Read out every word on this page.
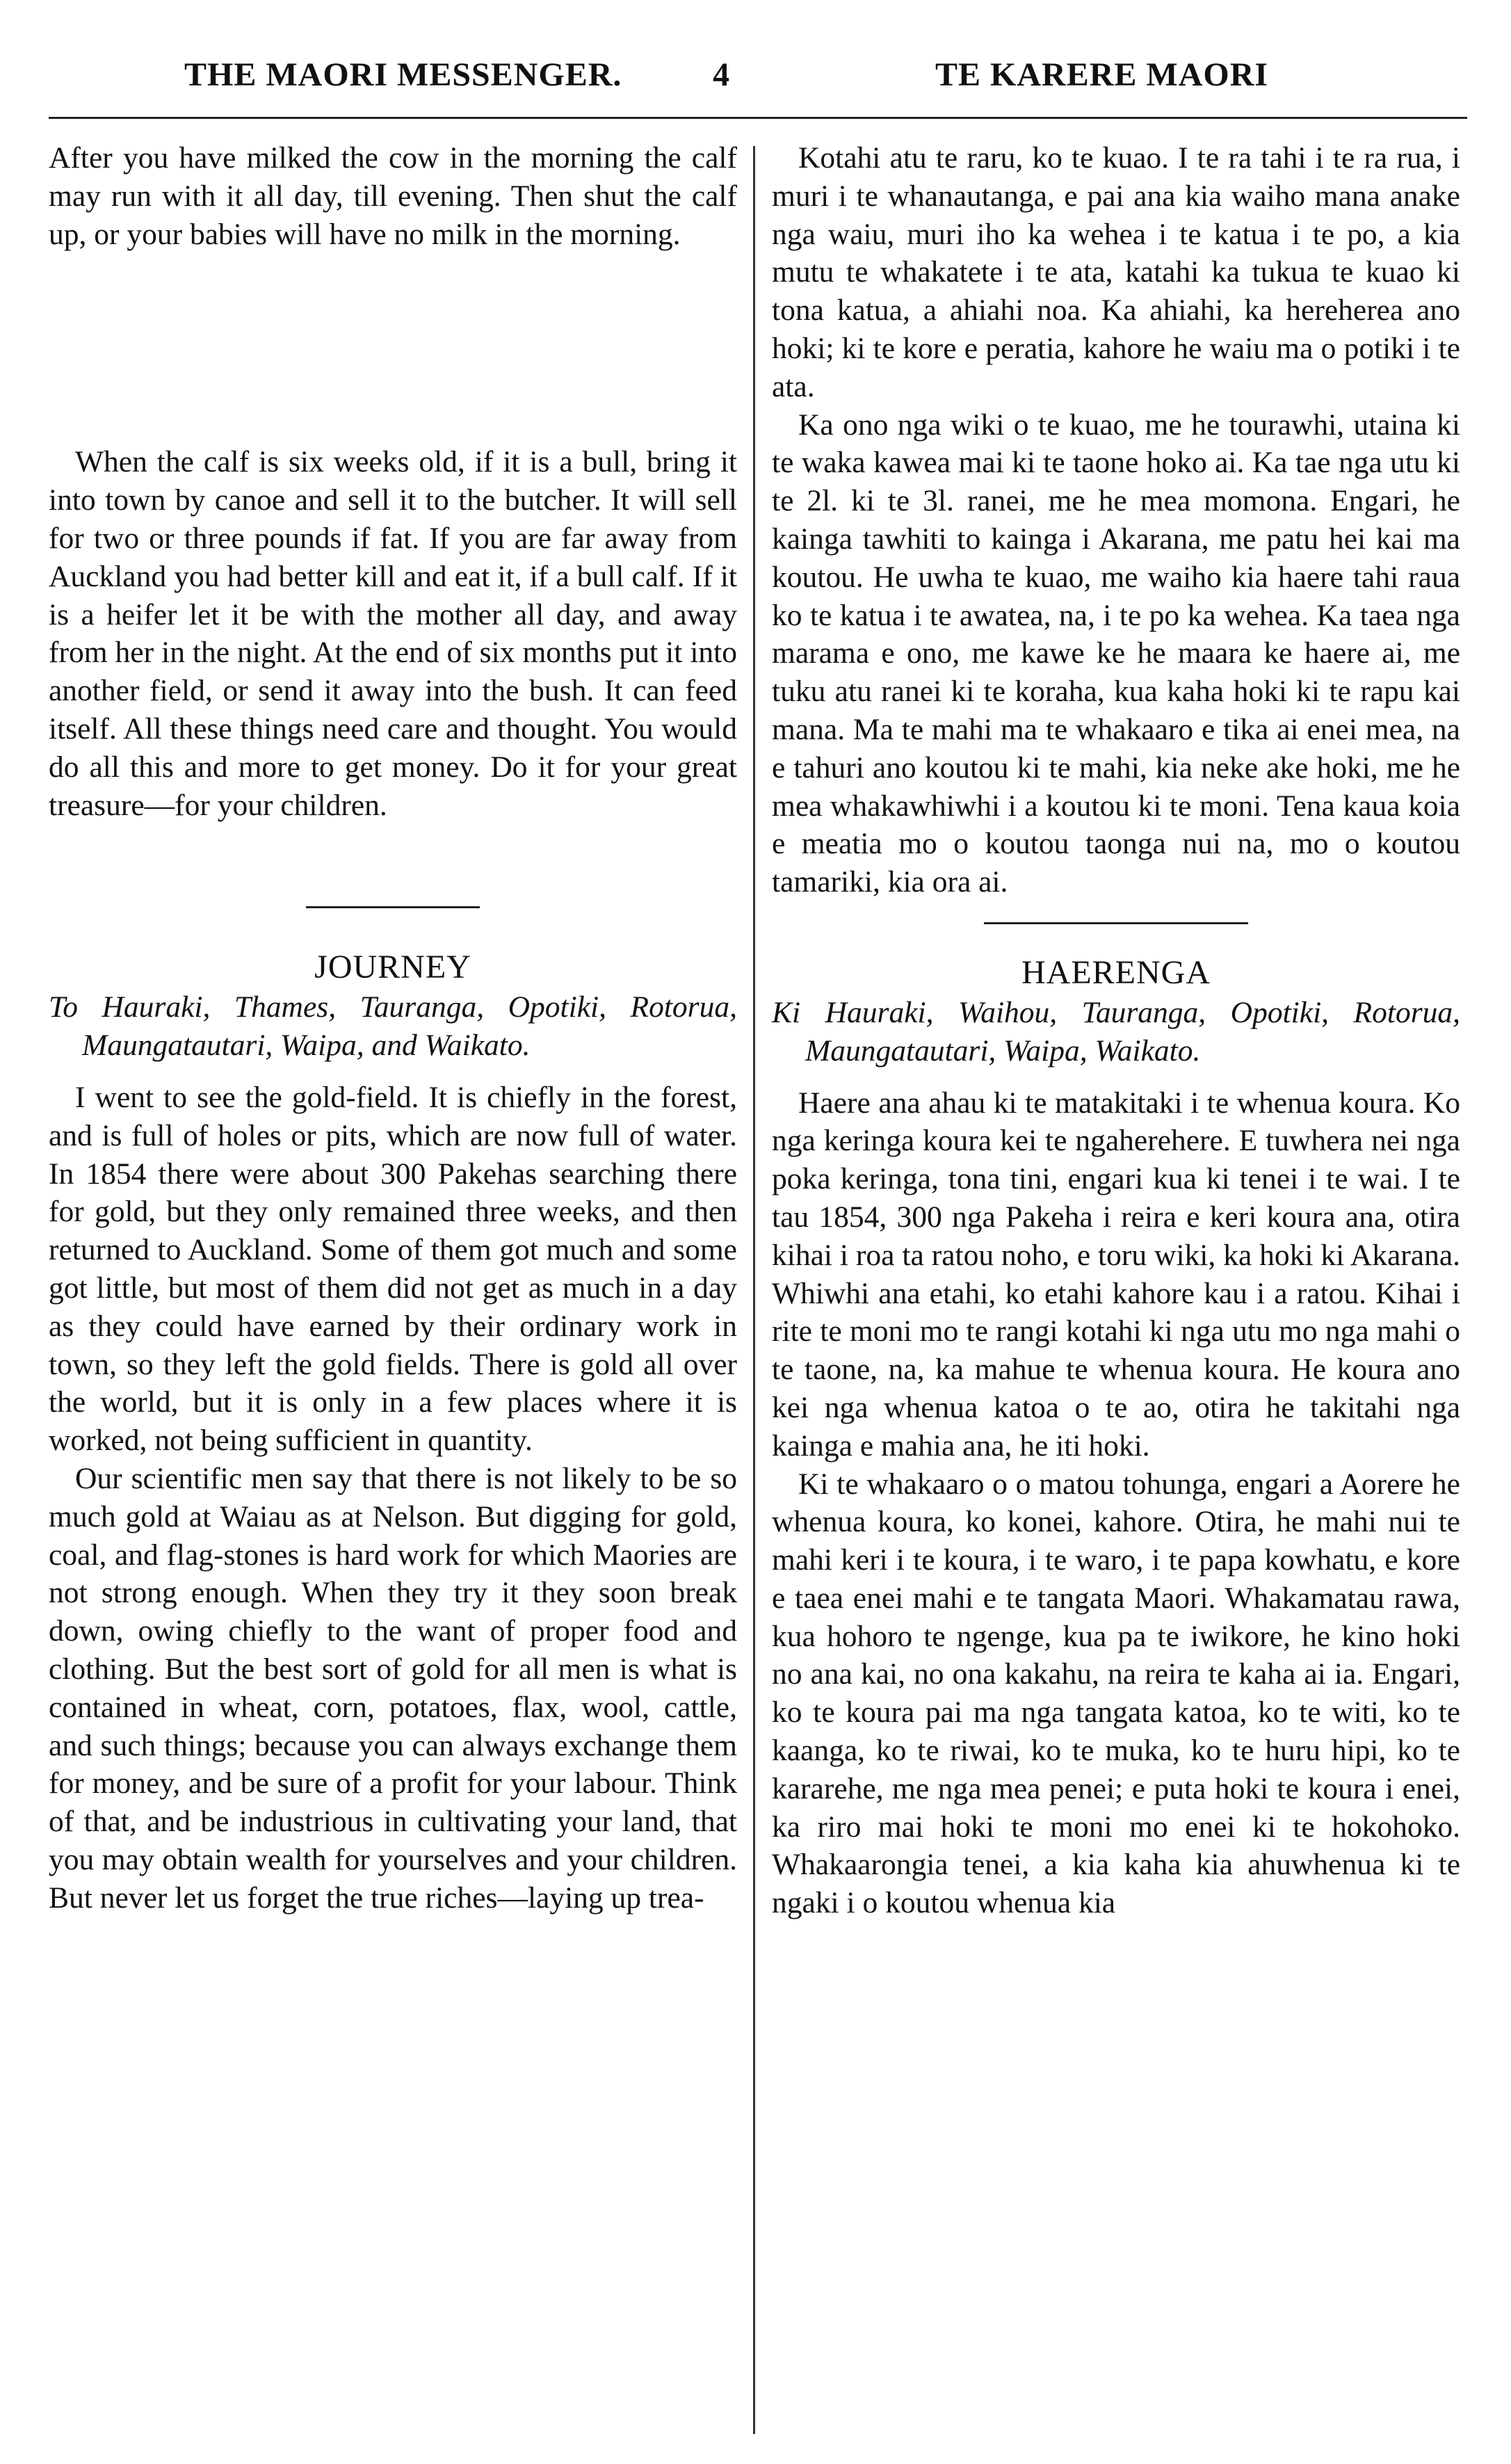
THE MAORI MESSENGER.	4	TE KARERE MAORI

After you have milked the cow in the morning the calf may run with it all day, till evening. Then shut the calf up, or your babies will have no milk in the morning.

When the calf is six weeks old, if it is a bull, bring it into town by canoe and sell it to the butcher. It will sell for two or three pounds if fat. If you are far away from Auckland you had better kill and eat it, if a bull calf. If it is a heifer let it be with the mother all day, and away from her in the night. At the end of six months put it into another field, or send it away into the bush. It can feed itself. All these things need care and thought. You would do all this and more to get money. Do it for your great treasure—for your children.

JOURNEY
To Hauraki, Thames, Tauranga, Opotiki, Rotorua, Maungatautari, Waipa, and Waikato.

I went to see the gold-field. It is chiefly in the forest, and is full of holes or pits, which are now full of water. In 1854 there were about 300 Pakehas searching there for gold, but they only remained three weeks, and then returned to Auckland. Some of them got much and some got little, but most of them did not get as much in a day as they could have earned by their ordinary work in town, so they left the gold fields. There is gold all over the world, but it is only in a few places where it is worked, not being sufficient in quantity.

Our scientific men say that there is not likely to be so much gold at Waiau as at Nelson. But digging for gold, coal, and flag-stones is hard work for which Maories are not strong enough. When they try it they soon break down, owing chiefly to the want of proper food and clothing. But the best sort of gold for all men is what is contained in wheat, corn, potatoes, flax, wool, cattle, and such things; because you can always exchange them for money, and be sure of a profit for your labour. Think of that, and be industrious in cultivating your land, that you may obtain wealth for yourselves and your children. But never let us forget the true riches—laying up trea-

Kotahi atu te raru, ko te kuao. I te ra tahi i te ra rua, i muri i te whanautanga, e pai ana kia waiho mana anake nga waiu, muri iho ka wehea i te katua i te po, a kia mutu te whakatete i te ata, katahi ka tukua te kuao ki tona katua, a ahiahi noa. Ka ahiahi, ka hereherea ano hoki; ki te kore e peratia, kahore he waiu ma o potiki i te ata.

Ka ono nga wiki o te kuao, me he tourawhi, utaina ki te waka kawea mai ki te taone hoko ai. Ka tae nga utu ki te 2l. ki te 3l. ranei, me he mea momona. Engari, he kainga tawhiti to kainga i Akarana, me patu hei kai ma koutou. He uwha te kuao, me waiho kia haere tahi raua ko te katua i te awatea, na, i te po ka wehea. Ka taea nga marama e ono, me kawe ke he maara ke haere ai, me tuku atu ranei ki te koraha, kua kaha hoki ki te rapu kai mana. Ma te mahi ma te whakaaro e tika ai enei mea, na e tahuri ano koutou ki te mahi, kia neke ake hoki, me he mea whakawhiwhi i a koutou ki te moni. Tena kaua koia e meatia mo o koutou taonga nui na, mo o koutou tamariki, kia ora ai.

HAERENGA
Ki Hauraki, Waihou, Tauranga, Opotiki, Rotorua, Maungatautari, Waipa, Waikato.

Haere ana ahau ki te matakitaki i te whenua koura. Ko nga keringa koura kei te ngaherehere. E tuwhera nei nga poka keringa, tona tini, engari kua ki tenei i te wai. I te tau 1854, 300 nga Pakeha i reira e keri koura ana, otira kihai i roa ta ratou noho, e toru wiki, ka hoki ki Akarana. Whiwhi ana etahi, ko etahi kahore kau i a ratou. Kihai i rite te moni mo te rangi kotahi ki nga utu mo nga mahi o te taone, na, ka mahue te whenua koura. He koura ano kei nga whenua katoa o te ao, otira he takitahi nga kainga e mahia ana, he iti hoki.

Ki te whakaaro o o matou tohunga, engari a Aorere he whenua koura, ko konei, kahore. Otira, he mahi nui te mahi keri i te koura, i te waro, i te papa kowhatu, e kore e taea enei mahi e te tangata Maori. Whakamatau rawa, kua hohoro te ngenge, kua pa te iwikore, he kino hoki no ana kai, no ona kakahu, na reira te kaha ai ia. Engari, ko te koura pai ma nga tangata katoa, ko te witi, ko te kaanga, ko te riwai, ko te muka, ko te huru hipi, ko te kararehe, me nga mea penei; e puta hoki te koura i enei, ka riro mai hoki te moni mo enei ki te hokohoko. Whakaarongia tenei, a kia kaha kia ahuwhenua ki te ngaki i o koutou whenua kia
